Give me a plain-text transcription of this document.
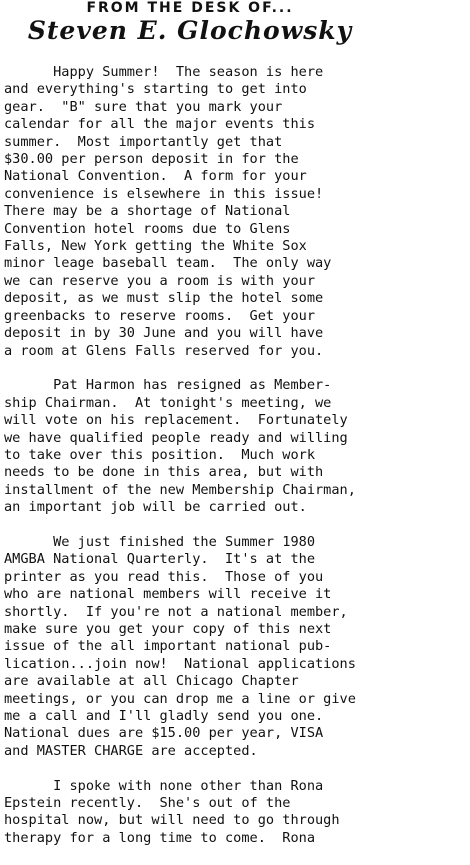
FROM THE DESK OF...
Steven E. Glochowsky
Happy Summer!  The season is here
and everything's starting to get into
gear.  "B" sure that you mark your
calendar for all the major events this
summer.  Most importantly get that
$30.00 per person deposit in for the
National Convention.  A form for your
convenience is elsewhere in this issue!
There may be a shortage of National
Convention hotel rooms due to Glens
Falls, New York getting the White Sox
minor leage baseball team.  The only way
we can reserve you a room is with your
deposit, as we must slip the hotel some
greenbacks to reserve rooms.  Get your
deposit in by 30 June and you will have
a room at Glens Falls reserved for you.
Pat Harmon has resigned as Member-
ship Chairman.  At tonight's meeting, we
will vote on his replacement.  Fortunately
we have qualified people ready and willing
to take over this position.  Much work
needs to be done in this area, but with
installment of the new Membership Chairman,
an important job will be carried out.
We just finished the Summer 1980
AMGBA National Quarterly.  It's at the
printer as you read this.  Those of you
who are national members will receive it
shortly.  If you're not a national member,
make sure you get your copy of this next
issue of the all important national pub-
lication...join now!  National applications
are available at all Chicago Chapter
meetings, or you can drop me a line or give
me a call and I'll gladly send you one.
National dues are $15.00 per year, VISA
and MASTER CHARGE are accepted.
I spoke with none other than Rona
Epstein recently.  She's out of the
hospital now, but will need to go through
therapy for a long time to come.  Rona
